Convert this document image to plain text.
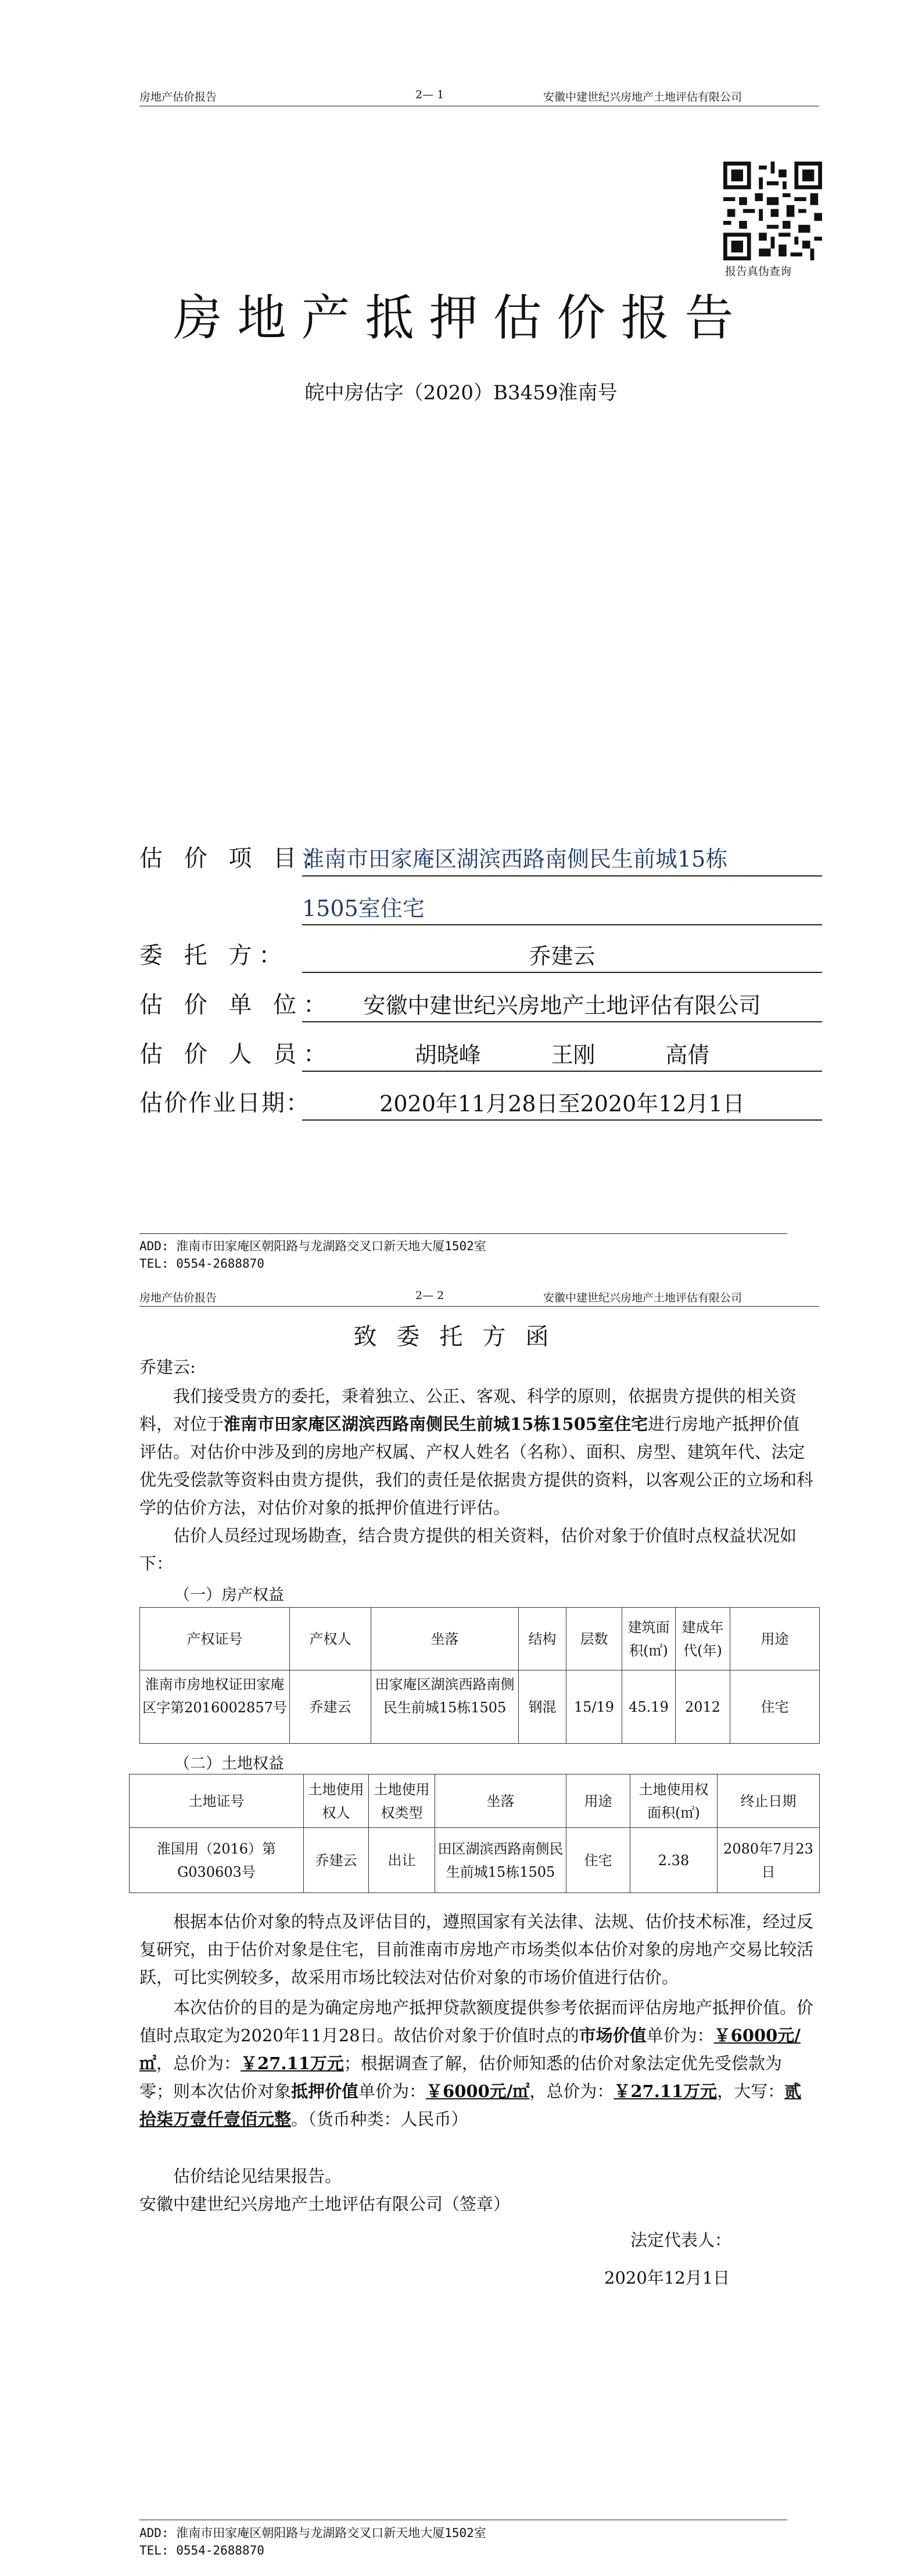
房地产估价报告	2— 1	安徽中建世纪兴房地产土地评估有限公司
报告真伪查询
房地产抵押估价报告
皖中房估字（2020）B3459淮南号
估 价 项 目：
淮南市田家庵区湖滨西路南侧民生前城15栋
1505室住宅
委 托 方：	乔建云
估 价 单 位：	安徽中建世纪兴房地产土地评估有限公司
估 价 人 员：	胡晓峰          王刚          高倩
估价作业日期：	2020年11月28日至2020年12月1日
ADD: 淮南市田家庵区朝阳路与龙湖路交叉口新天地大厦1502室
TEL: 0554-2688870
房地产估价报告	2— 2	安徽中建世纪兴房地产土地评估有限公司
致委托方函
乔建云:
我们接受贵方的委托，秉着独立、公正、客观、科学的原则，依据贵方提供的相关资料，对位于淮南市田家庵区湖滨西路南侧民生前城15栋1505室住宅进行房地产抵押价值评估。对估价中涉及到的房地产权属、产权人姓名（名称）、面积、房型、建筑年代、法定优先受偿款等资料由贵方提供，我们的责任是依据贵方提供的资料，以客观公正的立场和科学的估价方法，对估价对象的抵押价值进行评估。
估价人员经过现场勘查，结合贵方提供的相关资料，估价对象于价值时点权益状况如下：
（一）房产权益
产权证号	产权人	坐落	结构	层数	建筑面积(㎡)	建成年代(年)	用途
淮南市房地权证田家庵区字第2016002857号	乔建云	田家庵区湖滨西路南侧民生前城15栋1505	钢混	15/19	45.19	2012	住宅
（二）土地权益
土地证号	土地使用权人	土地使用权类型	坐落	用途	土地使用权面积(㎡)	终止日期
淮国用（2016）第G030603号	乔建云	出让	田区湖滨西路南侧民生前城15栋1505	住宅	2.38	2080年7月23日
根据本估价对象的特点及评估目的，遵照国家有关法律、法规、估价技术标准，经过反复研究，由于估价对象是住宅，目前淮南市房地产市场类似本估价对象的房地产交易比较活跃，可比实例较多，故采用市场比较法对估价对象的市场价值进行估价。
本次估价的目的是为确定房地产抵押贷款额度提供参考依据而评估房地产抵押价值。价值时点取定为2020年11月28日。故估价对象于价值时点的市场价值单价为：￥6000元/㎡，总价为：￥27.11万元；根据调查了解，估价师知悉的估价对象法定优先受偿款为零；则本次估价对象抵押价值单价为：￥6000元/㎡，总价为：￥27.11万元，大写：贰拾柒万壹仟壹佰元整。（货币种类：人民币）
估价结论见结果报告。
安徽中建世纪兴房地产土地评估有限公司（签章）
法定代表人：
2020年12月1日
ADD: 淮南市田家庵区朝阳路与龙湖路交叉口新天地大厦1502室
TEL: 0554-2688870
